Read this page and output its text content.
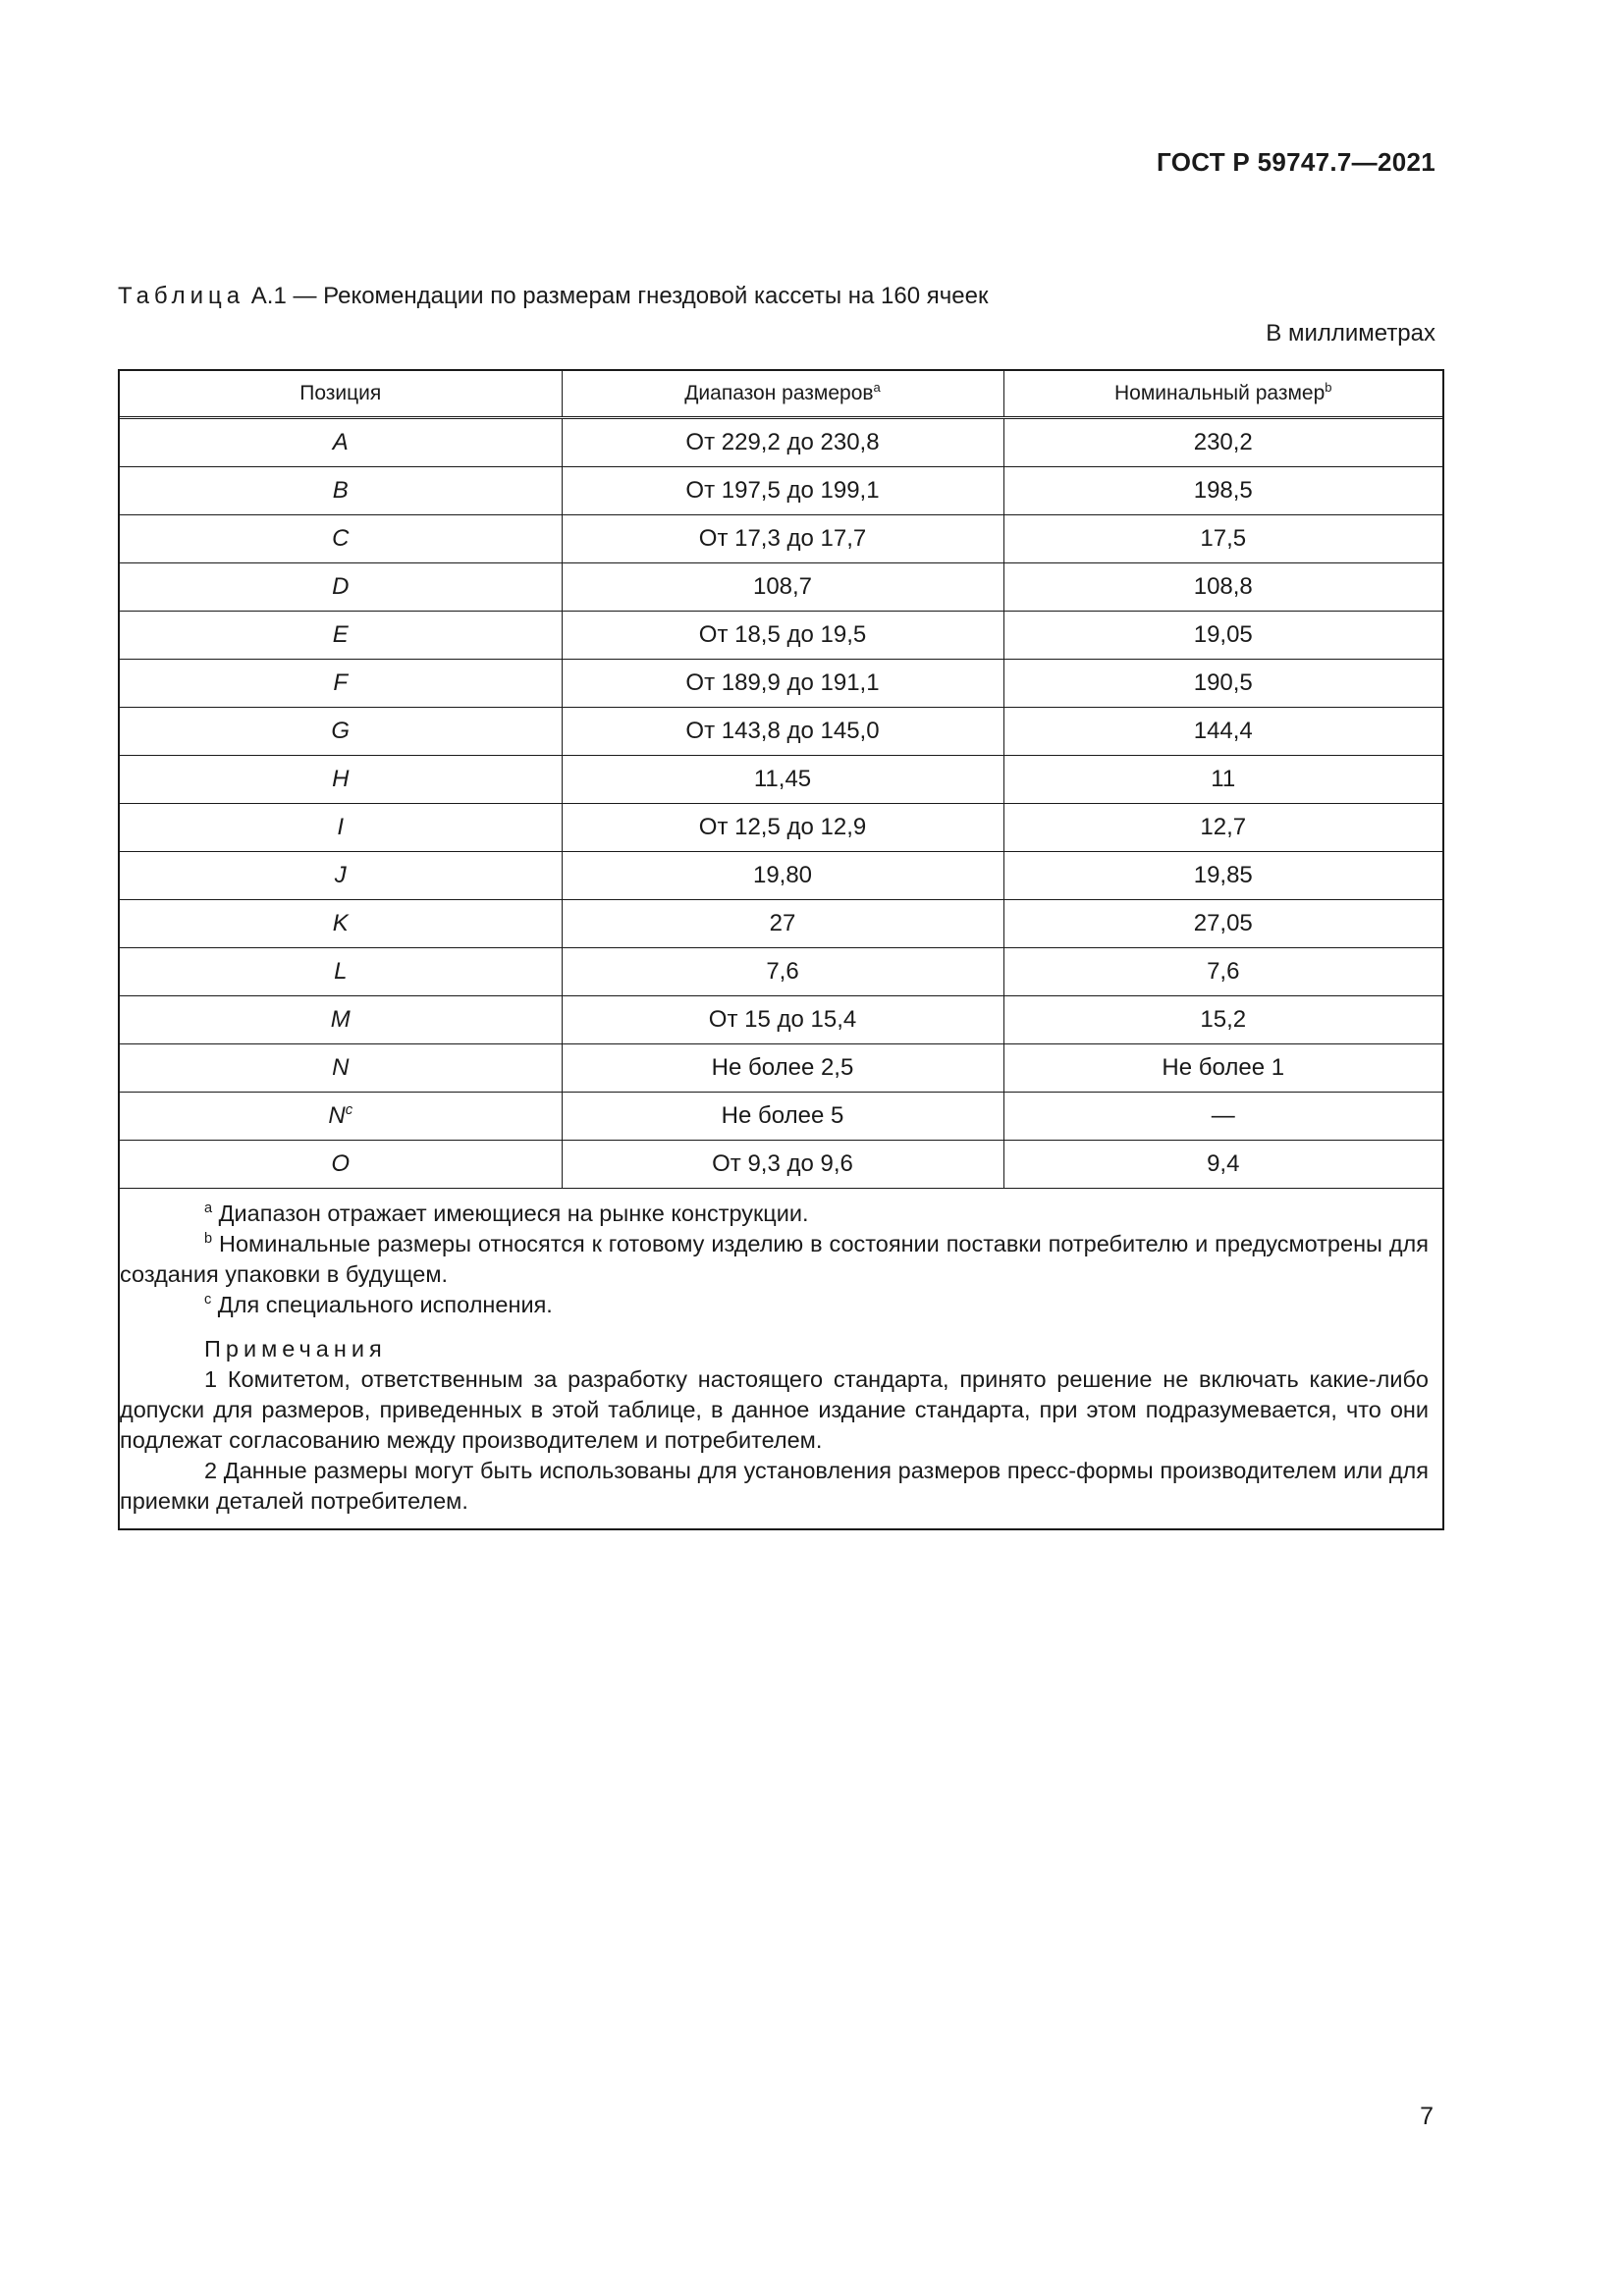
ГОСТ Р 59747.7—2021
Таблица А.1 — Рекомендации по размерам гнездовой кассеты на 160 ячеек
В миллиметрах
Позиция	Диапазон размеров$^a$	Номинальный размер$^b$
A	От 229,2 до 230,8	230,2
B	От 197,5 до 199,1	198,5
C	От 17,3 до 17,7	17,5
D	108,7	108,8
E	От 18,5 до 19,5	19,05
F	От 189,9 до 191,1	190,5
G	От 143,8 до 145,0	144,4
H	11,45	11
I	От 12,5 до 12,9	12,7
J	19,80	19,85
K	27	27,05
L	7,6	7,6
M	От 15 до 15,4	15,2
N	Не более 2,5	Не более 1
$N^c$	Не более 5	—
O	От 9,3 до 9,6	9,4

$^a$ Диапазон отражает имеющиеся на рынке конструкции.

$^b$ Номинальные размеры относятся к готовому изделию в состоянии поставки потребителю и предусмотрены для создания упаковки в будущем.

$^c$ Для специального исполнения.

Примечания

1 Комитетом, ответственным за разработку настоящего стандарта, принято решение не включать какие-либо допуски для размеров, приведенных в этой таблице, в данное издание стандарта, при этом подразумевается, что они подлежат согласованию между производителем и потребителем.

2 Данные размеры могут быть использованы для установления размеров пресс-формы производителем или для приемки деталей потребителем.

7
